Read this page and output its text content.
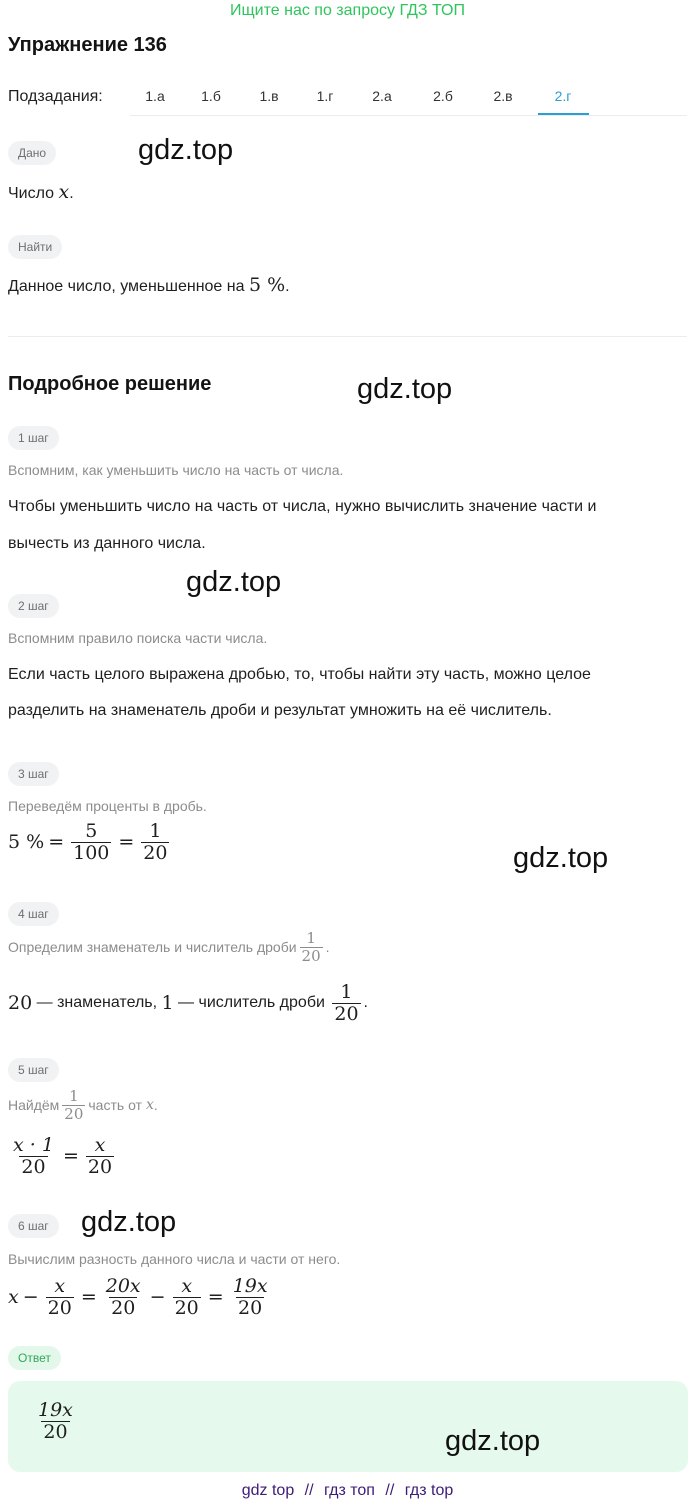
Ищите нас по запросу ГДЗ ТОП
Упражнение 136
Подзадания:	1.а	1.б	1.в	1.г	2.а	2.б	2.в	2.г
Дано	gdz.top
Число x.
Найти
Данное число, уменьшенное на 5 %.
Подробное решение	gdz.top
1 шаг
Вспомним, как уменьшить число на часть от числа.
Чтобы уменьшить число на часть от числа, нужно вычислить значение части и
вычесть из данного числа.
gdz.top
2 шаг
Вспомним правило поиска части числа.
Если часть целого выражена дробью, то, чтобы найти эту часть, можно целое
разделить на знаменатель дроби и результат умножить на её числитель.
3 шаг
Переведём проценты в дробь.
5 % = $\frac{5}{100} = \frac{1}{20}$	gdz.top
4 шаг
Определим знаменатель и числитель дроби $\frac{1}{20}$ .
20 — знаменатель, 1 — числитель дроби $\frac{1}{20}$ .
5 шаг
Найдём $\frac{1}{20}$ часть от x .
$\frac{x \cdot 1}{20} = \frac{x}{20}$
6 шаг	gdz.top
Вычислим разность данного числа и части от него.
$x - \frac{x}{20} = \frac{20x}{20} - \frac{x}{20} = \frac{19x}{20}$
Ответ
$\frac{19x}{20}$	gdz.top
gdz top // гдз топ // гдз top
